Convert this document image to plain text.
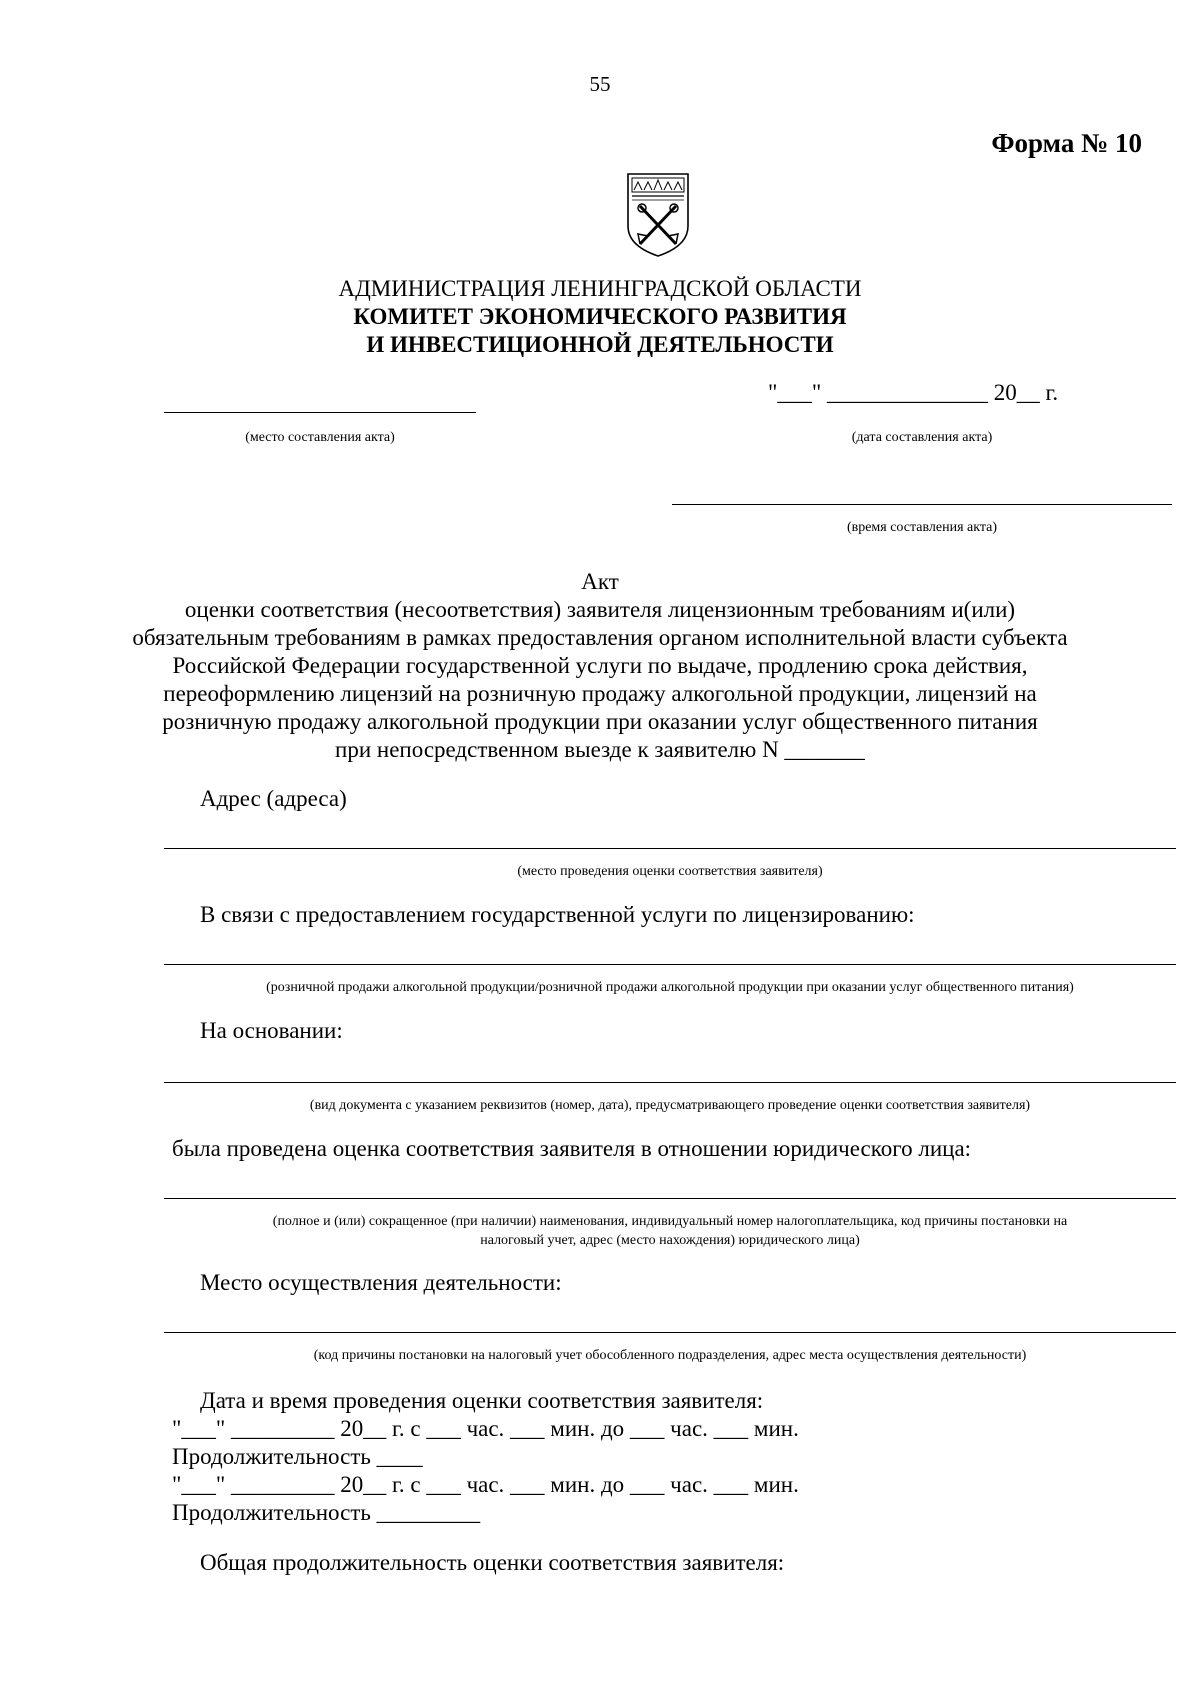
55
Форма № 10
АДМИНИСТРАЦИЯ ЛЕНИНГРАДСКОЙ ОБЛАСТИ
КОМИТЕТ ЭКОНОМИЧЕСКОГО РАЗВИТИЯ
И ИНВЕСТИЦИОННОЙ ДЕЯТЕЛЬНОСТИ
"___" ______________ 20__ г.
(место составления акта)	(дата составления акта)
(время составления акта)
Акт
оценки соответствия (несоответствия) заявителя лицензионным требованиям и(или)
обязательным требованиям в рамках предоставления органом исполнительной власти субъекта
Российской Федерации государственной услуги по выдаче, продлению срока действия,
переоформлению лицензий на розничную продажу алкогольной продукции, лицензий на
розничную продажу алкогольной продукции при оказании услуг общественного питания
при непосредственном выезде к заявителю N _______
Адрес (адреса)
(место проведения оценки соответствия заявителя)
В связи с предоставлением государственной услуги по лицензированию:
(розничной продажи алкогольной продукции/розничной продажи алкогольной продукции при оказании услуг общественного питания)
На основании:
(вид документа с указанием реквизитов (номер, дата), предусматривающего проведение оценки соответствия заявителя)
была проведена оценка соответствия заявителя в отношении юридического лица:
(полное и (или) сокращенное (при наличии) наименования, индивидуальный номер налогоплательщика, код причины постановки на
налоговый учет, адрес (место нахождения) юридического лица)
Место осуществления деятельности:
(код причины постановки на налоговый учет обособленного подразделения, адрес места осуществления деятельности)
Дата и время проведения оценки соответствия заявителя:
"___" _________ 20__ г. с ___ час. ___ мин. до ___ час. ___ мин.
Продолжительность ____
"___" _________ 20__ г. с ___ час. ___ мин. до ___ час. ___ мин.
Продолжительность _________
Общая продолжительность оценки соответствия заявителя:
